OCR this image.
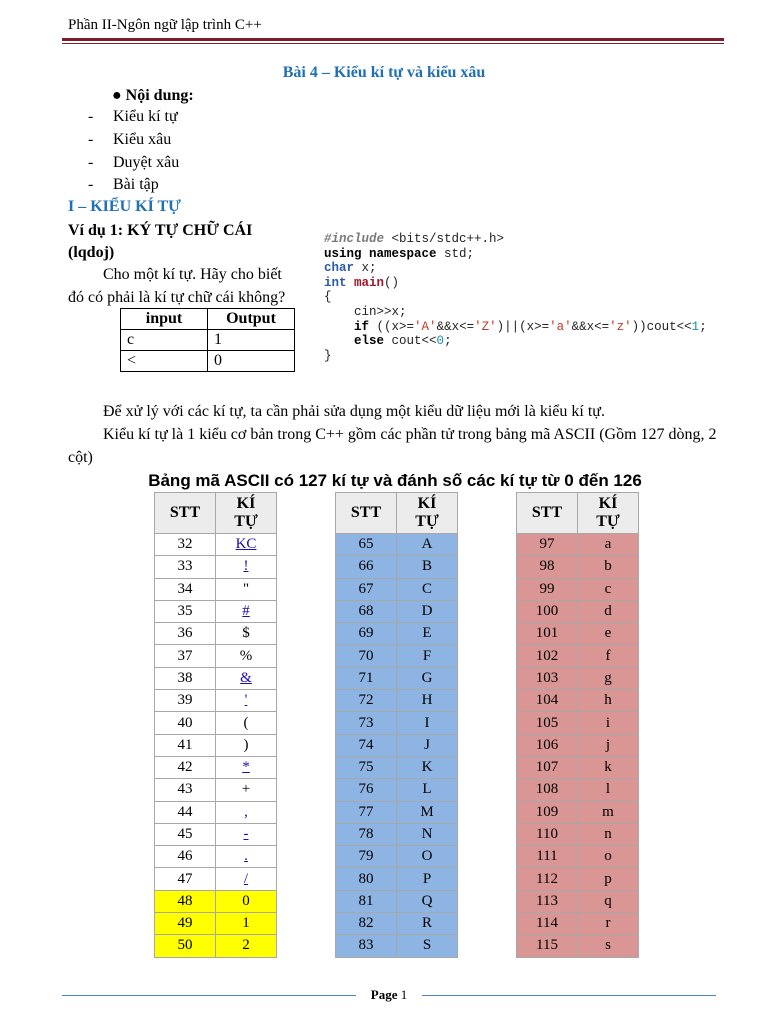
Phần II-Ngôn ngữ lập trình C++
Bài 4 – Kiểu kí tự và kiểu xâu
● Nội dung:
- Kiểu kí tự
- Kiểu xâu
- Duyệt xâu
- Bài tập
I – KIỂU KÍ TỰ
Ví dụ 1: KÝ TỰ CHỮ CÁI (lqdoj)
Cho một kí tự. Hãy cho biết
đó có phải là kí tự chữ cái không?
input	Output
c	1
<	0
#include <bits/stdc++.h>
using namespace std;
char x;
int main()
{
cin>>x;
if ((x>='A'&&x<='Z')||(x>='a'&&x<='z'))cout<<1;
else cout<<0;
}
Để xử lý với các kí tự, ta cần phải sửa dụng một kiểu dữ liệu mới là kiểu kí tự.
Kiểu kí tự là 1 kiểu cơ bản trong C++ gồm các phần tử trong bảng mã ASCII (Gồm 127 dòng, 2 cột)
Bảng mã ASCII có 127 kí tự và đánh số các kí tự từ 0 đến 126
STT	KÍ
TỰ
32	KC
33	!
34	"
35	#
36	$
37	%
38	&
39	'
40	(
41	)
42	*
43	+
44	,
45	-
46	.
47	/
48	0
49	1
50	2
STT	KÍ
TỰ
65	A
66	B
67	C
68	D
69	E
70	F
71	G
72	H
73	I
74	J
75	K
76	L
77	M
78	N
79	O
80	P
81	Q
82	R
83	S
STT	KÍ
TỰ
97	a
98	b
99	c
100	d
101	e
102	f
103	g
104	h
105	i
106	j
107	k
108	l
109	m
110	n
111	o
112	p
113	q
114	r
115	s
Page 1
